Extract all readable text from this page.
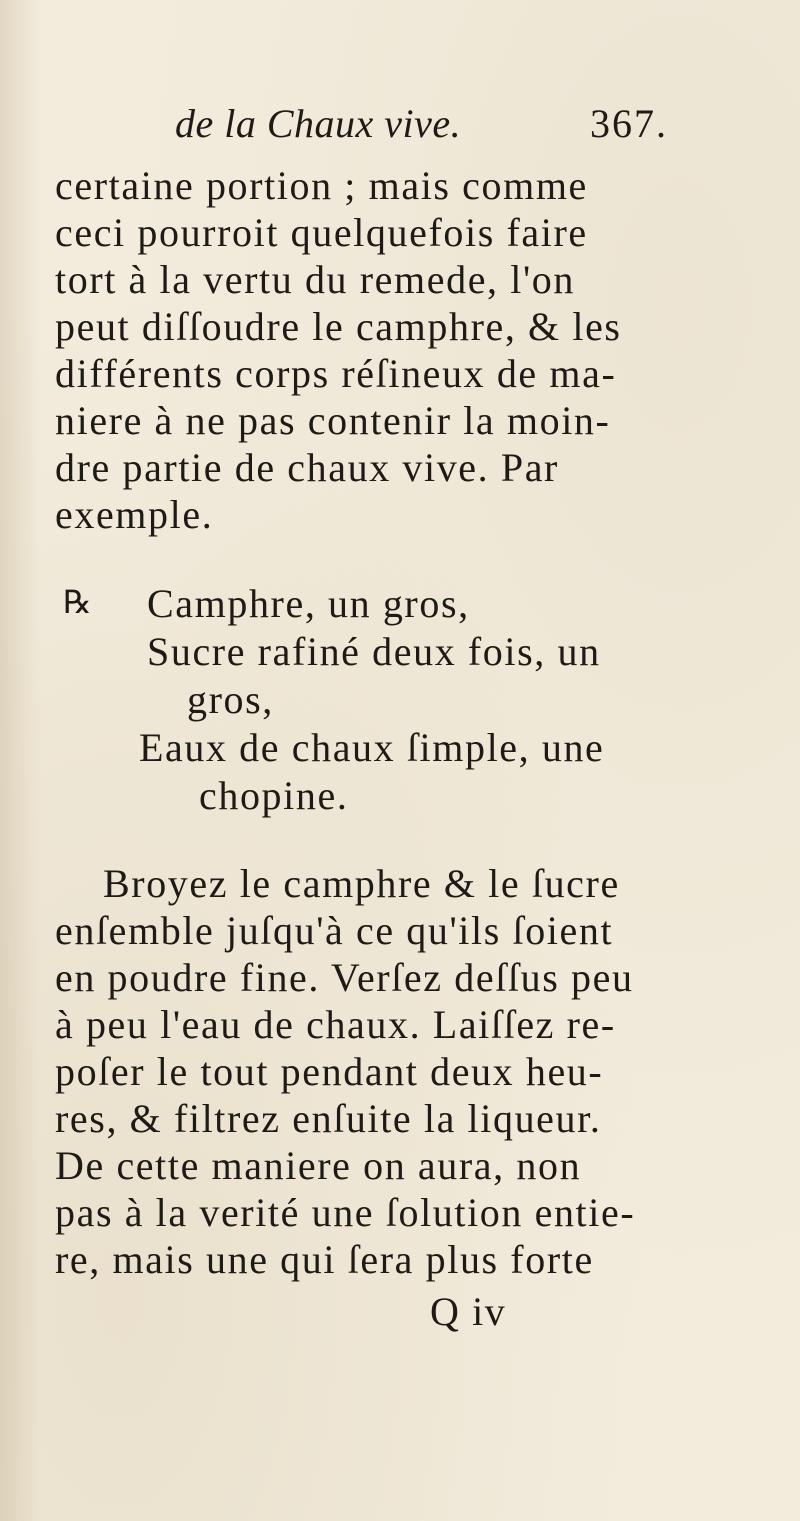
de la Chaux vive.	367.
certaine portion ; mais comme
ceci pourroit quelquefois faire
tort à la vertu du remede, l'on
peut diſſoudre le camphre, & les
différents corps réſineux de ma-
niere à ne pas contenir la moin-
dre partie de chaux vive. Par
exemple.
℞ Camphre, un gros,
Sucre rafiné deux fois, un
gros,
Eaux de chaux ſimple, une
chopine.
Broyez le camphre & le ſucre
enſemble juſqu'à ce qu'ils ſoient
en poudre fine. Verſez deſſus peu
à peu l'eau de chaux. Laiſſez re-
poſer le tout pendant deux heu-
res, & filtrez enſuite la liqueur.
De cette maniere on aura, non
pas à la verité une ſolution entie-
re, mais une qui ſera plus forte
Q iv
